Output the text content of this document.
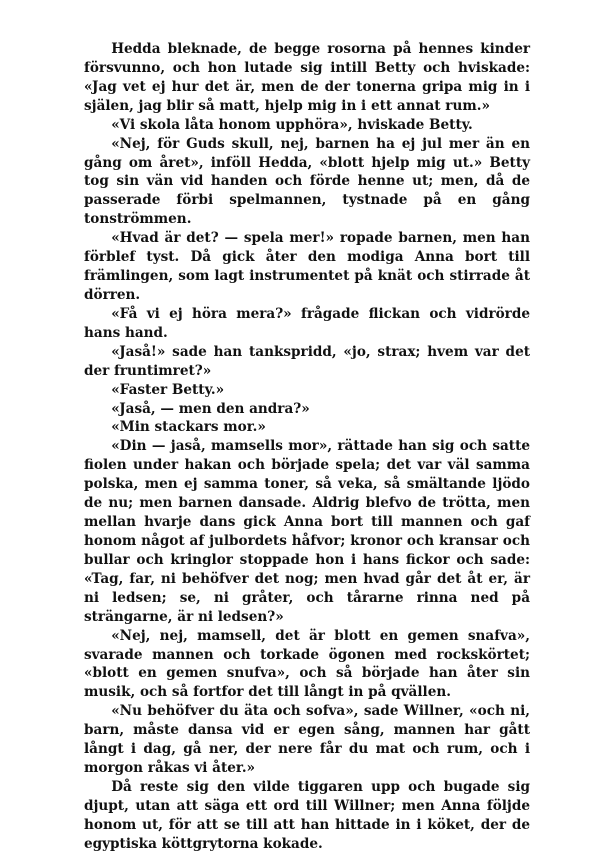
Hedda bleknade, de begge rosorna på hennes kinder försvunno, och hon lutade sig intill Betty och hviskade: «Jag vet ej hur det är, men de der tonerna gripa mig in i själen, jag blir så matt, hjelp mig in i ett annat rum.»

«Vi skola låta honom upphöra», hviskade Betty.

«Nej, för Guds skull, nej, barnen ha ej jul mer än en gång om året», inföll Hedda, «blott hjelp mig ut.» Betty tog sin vän vid handen och förde henne ut; men, då de passerade förbi spelmannen, tystnade på en gång tonströmmen.

«Hvad är det? — spela mer!» ropade barnen, men han förblef tyst. Då gick åter den modiga Anna bort till främlingen, som lagt instrumentet på knät och stirrade åt dörren.

«Få vi ej höra mera?» frågade flickan och vidrörde hans hand.

«Jaså!» sade han tankspridd, «jo, strax; hvem var det der fruntimret?»

«Faster Betty.»

«Jaså, — men den andra?»

«Min stackars mor.»

«Din — jaså, mamsells mor», rättade han sig och satte fiolen under hakan och började spela; det var väl samma polska, men ej samma toner, så veka, så smältande ljödo de nu; men barnen dansade. Aldrig blefvo de trötta, men mellan hvarje dans gick Anna bort till mannen och gaf honom något af julbordets håfvor; kronor och kransar och bullar och kringlor stoppade hon i hans fickor och sade: «Tag, far, ni behöfver det nog; men hvad går det åt er, är ni ledsen; se, ni gråter, och tårarne rinna ned på strängarne, är ni ledsen?»

«Nej, nej, mamsell, det är blott en gemen snafva», svarade mannen och torkade ögonen med rockskörtet; «blott en gemen snufva», och så började han åter sin musik, och så fortfor det till långt in på qvällen.

«Nu behöfver du äta och sofva», sade Willner, «och ni, barn, måste dansa vid er egen sång, mannen har gått långt i dag, gå ner, der nere får du mat och rum, och i morgon råkas vi åter.»

Då reste sig den vilde tiggaren upp och bugade sig djupt, utan att säga ett ord till Willner; men Anna följde honom ut, för att se till att han hittade in i köket, der de egyptiska köttgrytorna kokade.
